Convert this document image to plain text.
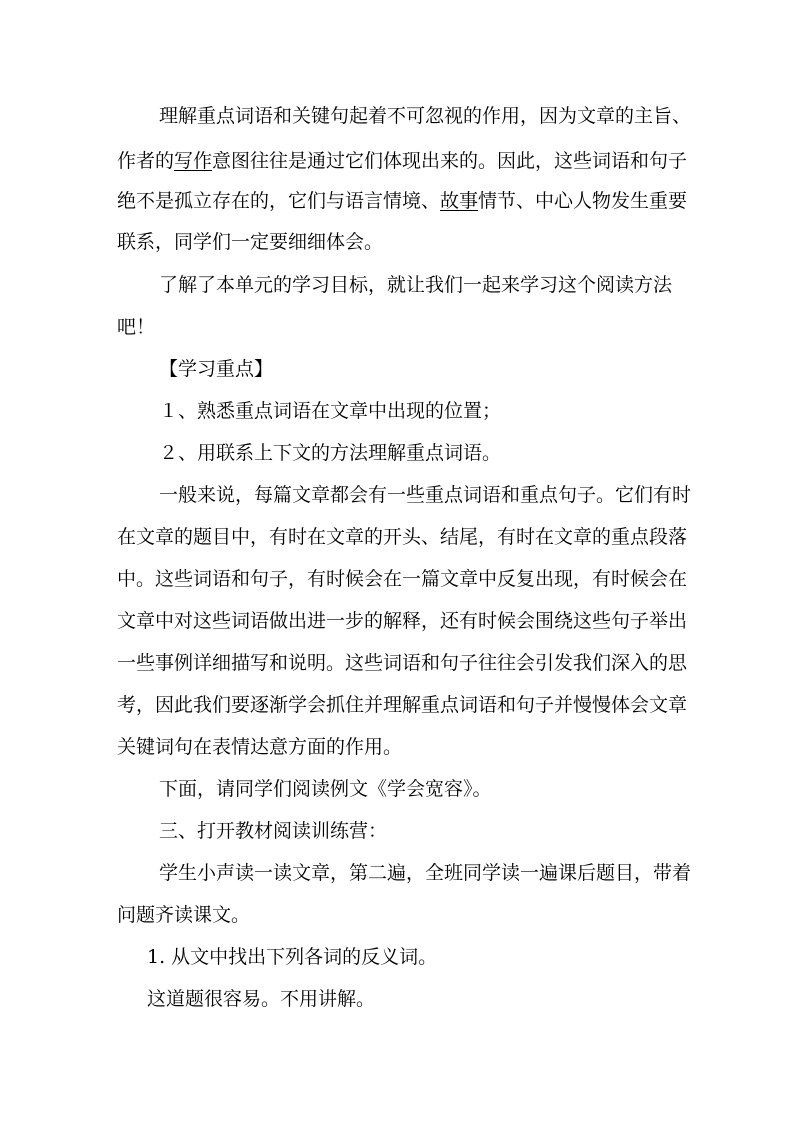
理解重点词语和关键句起着不可忽视的作用，因为文章的主旨、
作者的写作意图往往是通过它们体现出来的。因此，这些词语和句子
绝不是孤立存在的，它们与语言情境、故事情节、中心人物发生重要
联系，同学们一定要细细体会。
了解了本单元的学习目标，就让我们一起来学习这个阅读方法
吧！
【学习重点】
１、熟悉重点词语在文章中出现的位置；
２、用联系上下文的方法理解重点词语。
一般来说，每篇文章都会有一些重点词语和重点句子。它们有时
在文章的题目中，有时在文章的开头、结尾，有时在文章的重点段落
中。这些词语和句子，有时候会在一篇文章中反复出现，有时候会在
文章中对这些词语做出进一步的解释，还有时候会围绕这些句子举出
一些事例详细描写和说明。这些词语和句子往往会引发我们深入的思
考，因此我们要逐渐学会抓住并理解重点词语和句子并慢慢体会文章
关键词句在表情达意方面的作用。
下面，请同学们阅读例文《学会宽容》。
三、打开教材阅读训练营：
学生小声读一读文章，第二遍，全班同学读一遍课后题目，带着
问题齐读课文。
1. 从文中找出下列各词的反义词。
这道题很容易。不用讲解。
